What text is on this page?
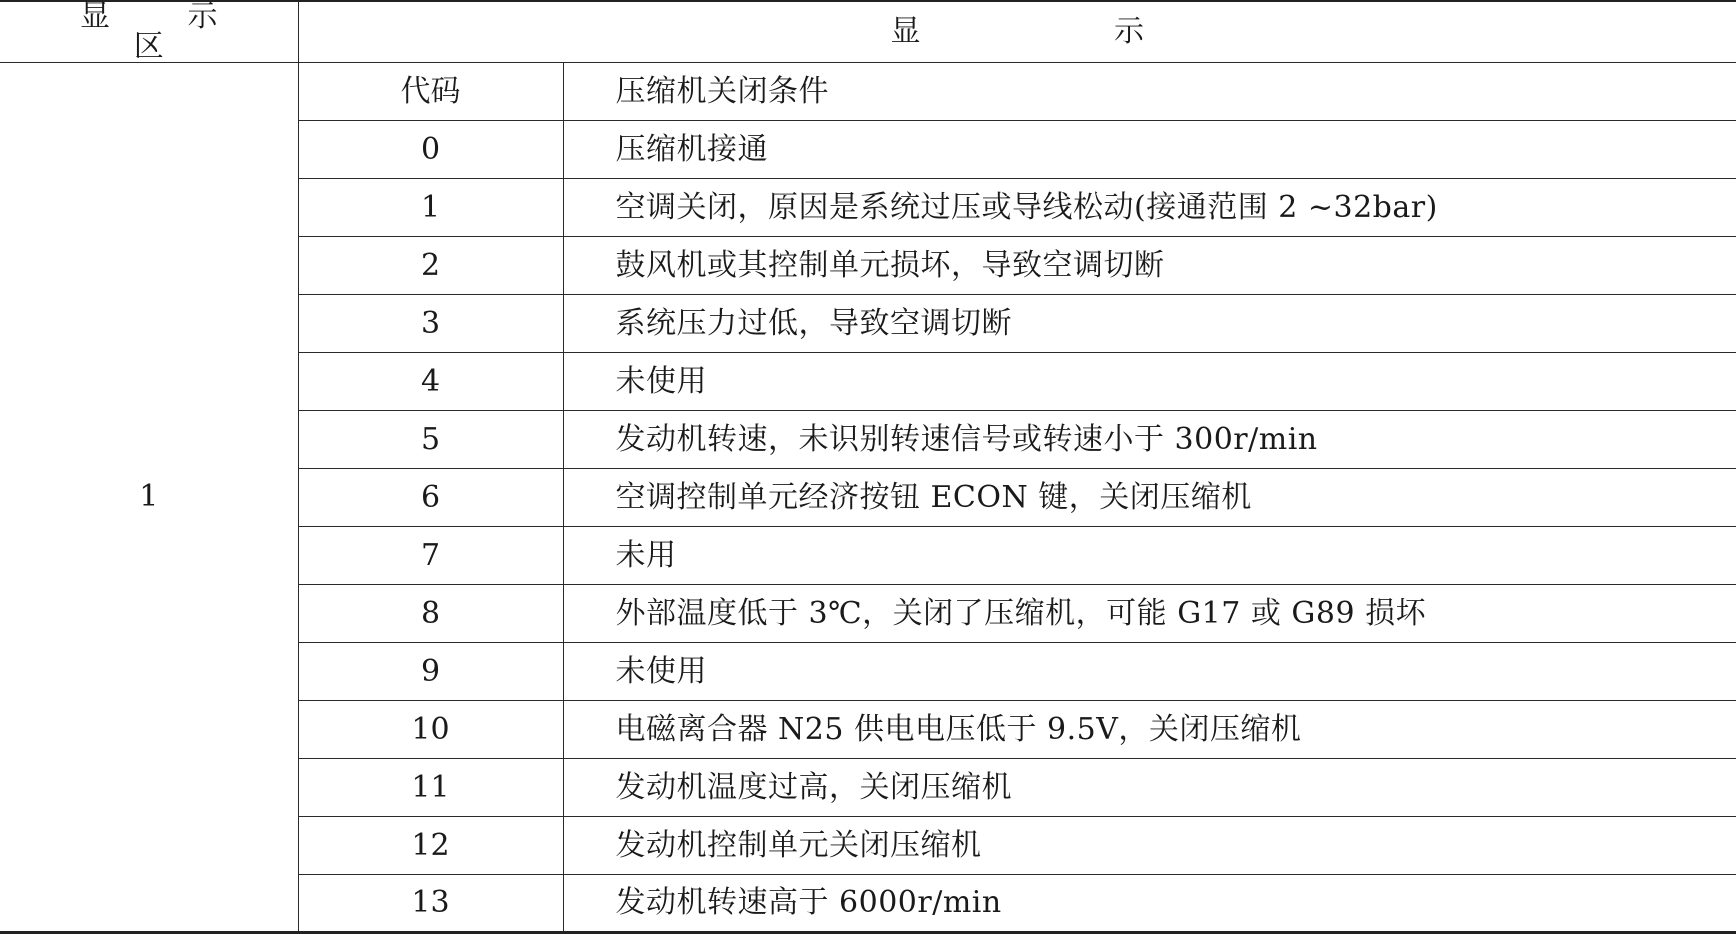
显 示 区	显 示	
1	代码	压缩机关闭条件
	0	压缩机接通
	1	空调关闭，原因是系统过压或导线松动(接通范围 2 ~32bar)
	2	鼓风机或其控制单元损坏，导致空调切断
	3	系统压力过低，导致空调切断
	4	未使用
	5	发动机转速，未识别转速信号或转速小于 300r/min
	6	空调控制单元经济按钮 ECON 键，关闭压缩机
	7	未用
	8	外部温度低于 3℃，关闭了压缩机，可能 G17 或 G89 损坏
	9	未使用
	10	电磁离合器 N25 供电电压低于 9.5V，关闭压缩机
	11	发动机温度过高，关闭压缩机
	12	发动机控制单元关闭压缩机
	13	发动机转速高于 6000r/min
